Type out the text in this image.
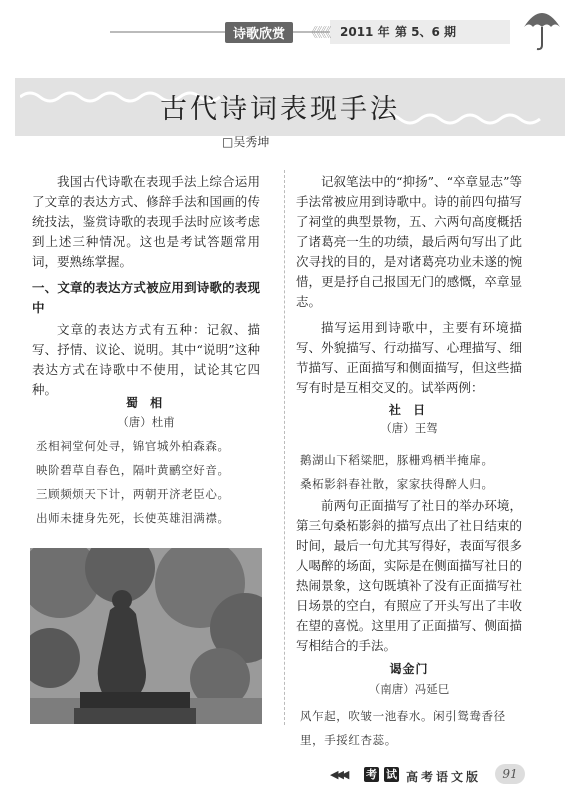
诗歌欣赏	《《《《 2011 年 第 5、6 期
古代诗词表现手法
□吴秀坤

我国古代诗歌在表现手法上综合运用了文章的表达方式、修辞手法和国画的传统技法，鉴赏诗歌的表现手法时应该考虑到上述三种情况。这也是考试答题常用词，要熟练掌握。

一、文章的表达方式被应用到诗歌的表现中

文章的表达方式有五种：记叙、描写、抒情、议论、说明。其中“说明”这种表达方式在诗歌中不使用，试论其它四种。

蜀 相
（唐）杜甫
丞相祠堂何处寻，锦官城外柏森森。
映阶碧草自春色，隔叶黄鹂空好音。
三顾频烦天下计，两朝开济老臣心。
出师未捷身先死，长使英雄泪满襟。

记叙笔法中的“抑扬”、“卒章显志”等手法常被应用到诗歌中。诗的前四句描写了祠堂的典型景物，五、六两句高度概括了诸葛亮一生的功绩，最后两句写出了此次寻找的目的，是对诸葛亮功业未遂的惋惜，更是抒自己报国无门的感慨，卒章显志。

描写运用到诗歌中，主要有环境描写、外貌描写、行动描写、心理描写、细节描写、正面描写和侧面描写，但这些描写有时是互相交叉的。试举两例：

社 日
（唐）王驾
鹅湖山下稻粱肥，豚栅鸡栖半掩扉。
桑柘影斜春社散，家家扶得醉人归。

前两句正面描写了社日的举办环境，第三句桑柘影斜的描写点出了社日结束的时间，最后一句尤其写得好，表面写很多人喝醉的场面，实际是在侧面描写社日的热闹景象，这句既填补了没有正面描写社日场景的空白，有照应了开头写出了丰收在望的喜悦。这里用了正面描写、侧面描写相结合的手法。

谒金门
（南唐）冯延巳
风乍起，吹皱一池春水。闲引鸳鸯香径
里，手挼红杏蕊。
◀◀◀ 考 试 高考语文版	91
